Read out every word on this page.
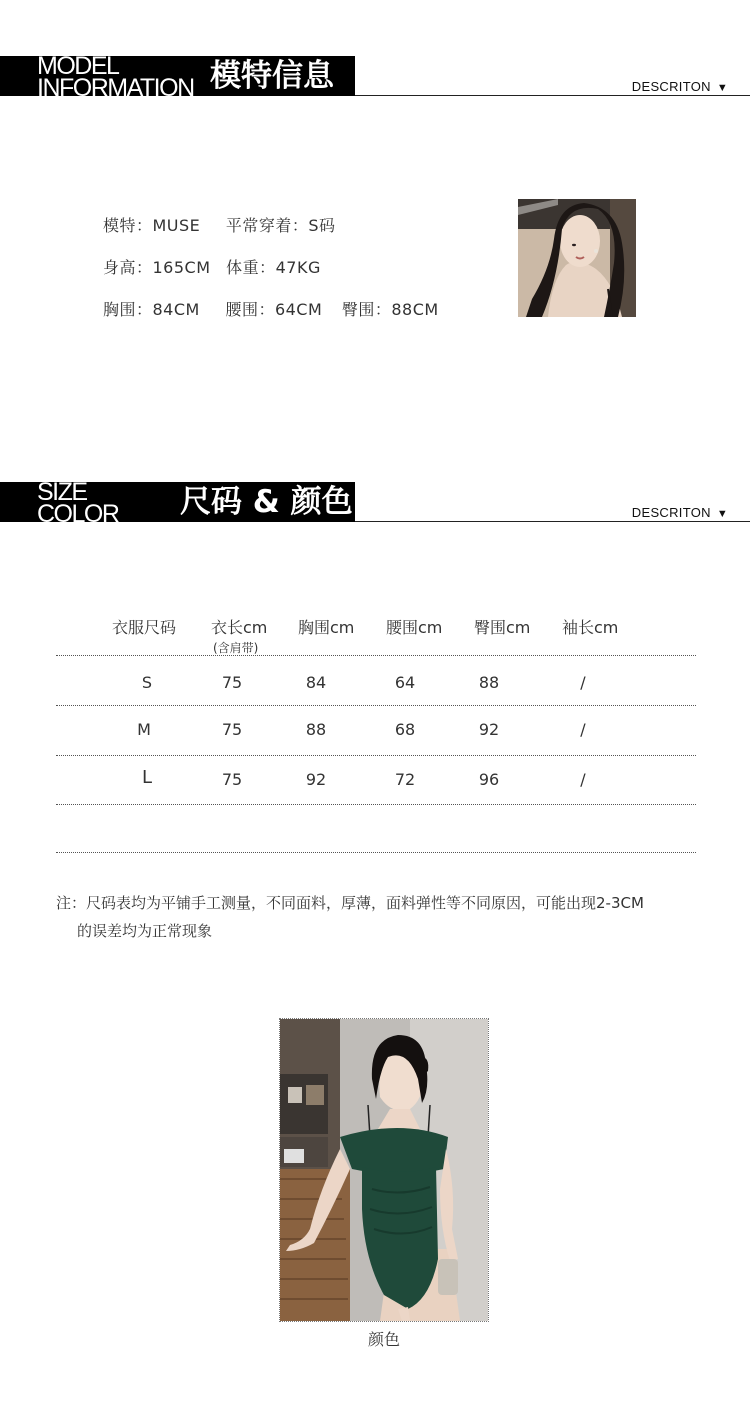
MODEL
INFORMATION 模特信息	DESCRITON ▼
模特：MUSE 平常穿着：S码
身高：165CM 体重：47KG
胸围：84CM 腰围：64CM 臀围：88CM
SIZE
COLOR 尺码 & 颜色	DESCRITON ▼
衣服尺码 衣长cm
(含肩带)
胸围cm 腰围cm 臀围cm 袖长cm
S	75	84	64	88	/
M	75	88	68	92	/
L	75	92	72	96	/
注：尺码表均为平铺手工测量，不同面料，厚薄，面料弹性等不同原因，可能出现2-3CM
的误差均为正常现象
颜色
